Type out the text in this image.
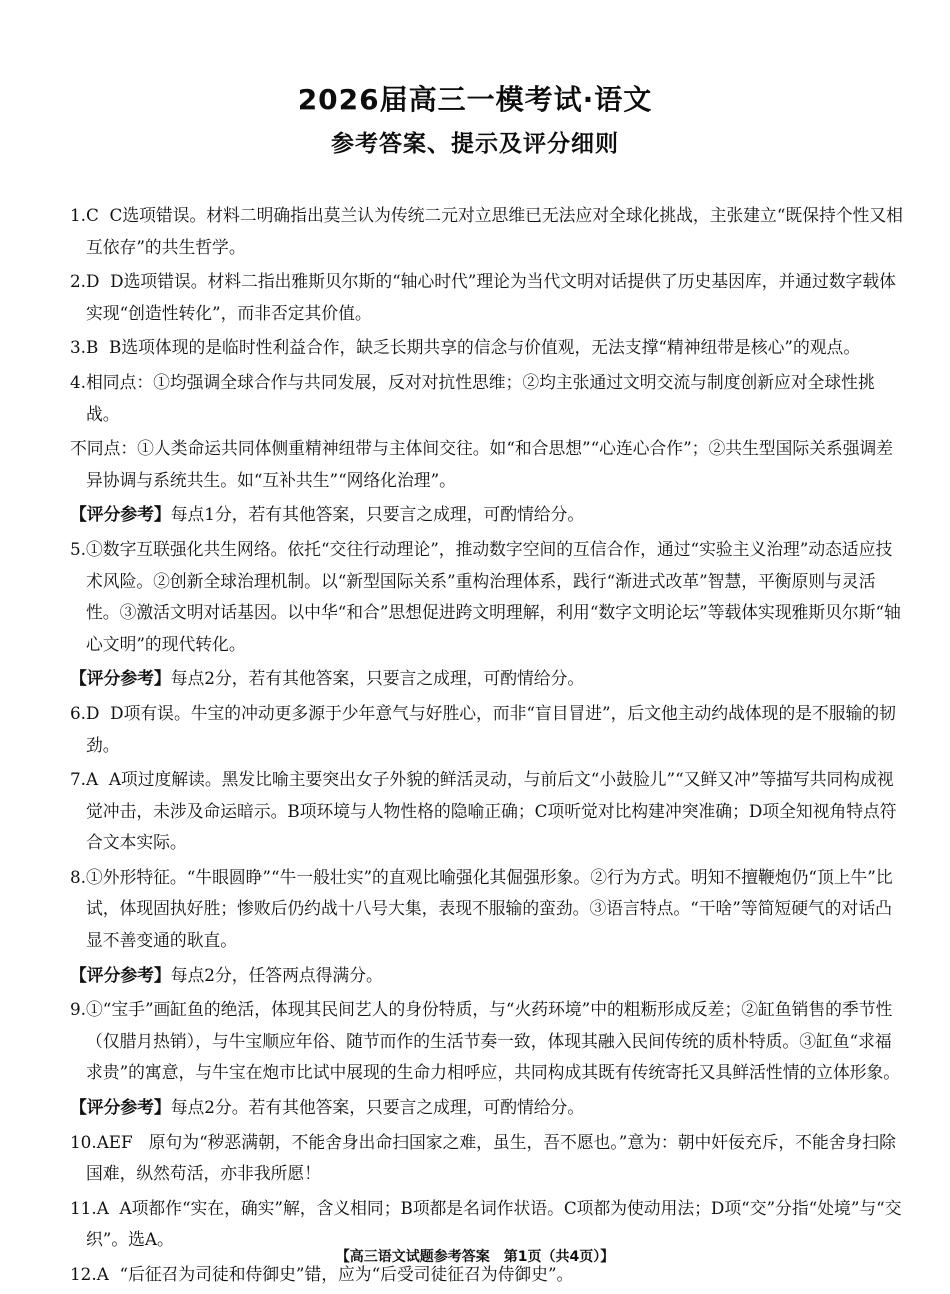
2026届高三一模考试·语文
参考答案、提示及评分细则

1.C C选项错误。材料二明确指出莫兰认为传统二元对立思维已无法应对全球化挑战，主张建立“既保持个性又相互依存”的共生哲学。

2.D D选项错误。材料二指出雅斯贝尔斯的“轴心时代”理论为当代文明对话提供了历史基因库，并通过数字载体实现“创造性转化”，而非否定其价值。

3.B B选项体现的是临时性利益合作，缺乏长期共享的信念与价值观，无法支撑“精神纽带是核心”的观点。

4.相同点：①均强调全球合作与共同发展，反对对抗性思维；②均主张通过文明交流与制度创新应对全球性挑战。

不同点：①人类命运共同体侧重精神纽带与主体间交往。如“和合思想”“心连心合作”；②共生型国际关系强调差异协调与系统共生。如“互补共生”“网络化治理”。

【评分参考】每点1分，若有其他答案，只要言之成理，可酌情给分。

5.①数字互联强化共生网络。依托“交往行动理论”，推动数字空间的互信合作，通过“实验主义治理”动态适应技术风险。②创新全球治理机制。以“新型国际关系”重构治理体系，践行“渐进式改革”智慧，平衡原则与灵活性。③激活文明对话基因。以中华“和合”思想促进跨文明理解，利用“数字文明论坛”等载体实现雅斯贝尔斯“轴心文明”的现代转化。

【评分参考】每点2分，若有其他答案，只要言之成理，可酌情给分。

6.D D项有误。牛宝的冲动更多源于少年意气与好胜心，而非“盲目冒进”，后文他主动约战体现的是不服输的韧劲。

7.A A项过度解读。黑发比喻主要突出女子外貌的鲜活灵动，与前后文“小鼓脸儿”“又鲜又冲”等描写共同构成视觉冲击，未涉及命运暗示。B项环境与人物性格的隐喻正确；C项听觉对比构建冲突准确；D项全知视角特点符合文本实际。

8.①外形特征。“牛眼圆睁”“牛一般壮实”的直观比喻强化其倔强形象。②行为方式。明知不擅鞭炮仍“顶上牛”比试，体现固执好胜；惨败后仍约战十八号大集，表现不服输的蛮劲。③语言特点。“干啥”等简短硬气的对话凸显不善变通的耿直。

【评分参考】每点2分，任答两点得满分。

9.①“宝手”画缸鱼的绝活，体现其民间艺人的身份特质，与“火药环境”中的粗粝形成反差；②缸鱼销售的季节性（仅腊月热销），与牛宝顺应年俗、随节而作的生活节奏一致，体现其融入民间传统的质朴特质。③缸鱼“求福求贵”的寓意，与牛宝在炮市比试中展现的生命力相呼应，共同构成其既有传统寄托又具鲜活性情的立体形象。

【评分参考】每点2分。若有其他答案，只要言之成理，可酌情给分。

10.AEF 原句为“秽恶满朝，不能舍身出命扫国家之难，虽生，吾不愿也。”意为：朝中奸佞充斥，不能舍身扫除国难，纵然苟活，亦非我所愿！

11.A A项都作“实在，确实”解，含义相同；B项都是名词作状语。C项都为使动用法；D项“交”分指“处境”与“交织”。选A。

12.A “后征召为司徒和侍御史”错，应为“后受司徒征召为侍御史”。

【高三语文试题参考答案　第1页（共4页）】
